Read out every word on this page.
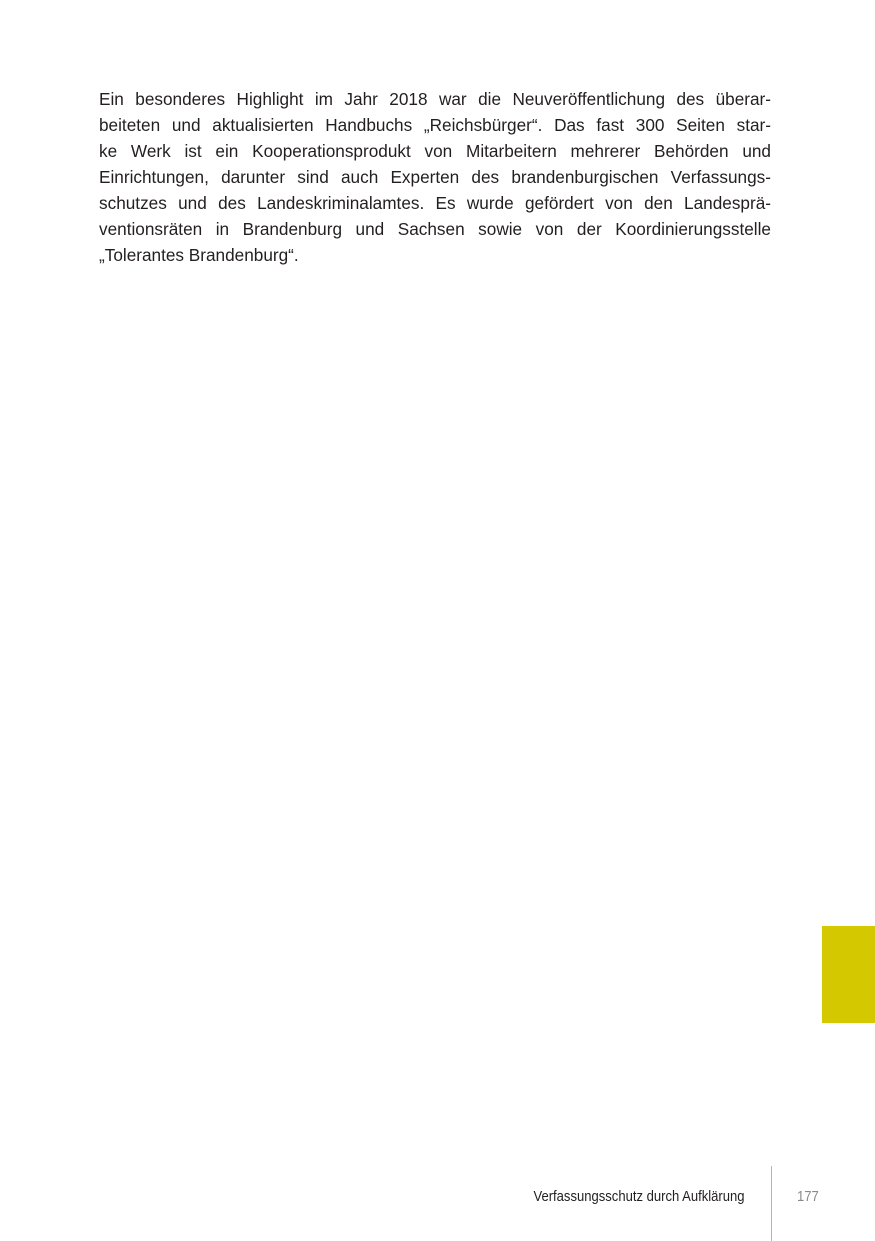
Ein besonderes Highlight im Jahr 2018 war die Neuveröffentlichung des überar-
beiteten und aktualisierten Handbuchs „Reichsbürger“. Das fast 300 Seiten star-
ke Werk ist ein Kooperationsprodukt von Mitarbeitern mehrerer Behörden und
Einrichtungen, darunter sind auch Experten des brandenburgischen Verfassungs-
schutzes und des Landeskriminalamtes. Es wurde gefördert von den Landesprä-
ventionsräten in Brandenburg und Sachsen sowie von der Koordinierungsstelle
„Tolerantes Brandenburg“.

Verfassungsschutz durch Aufklärung	177
